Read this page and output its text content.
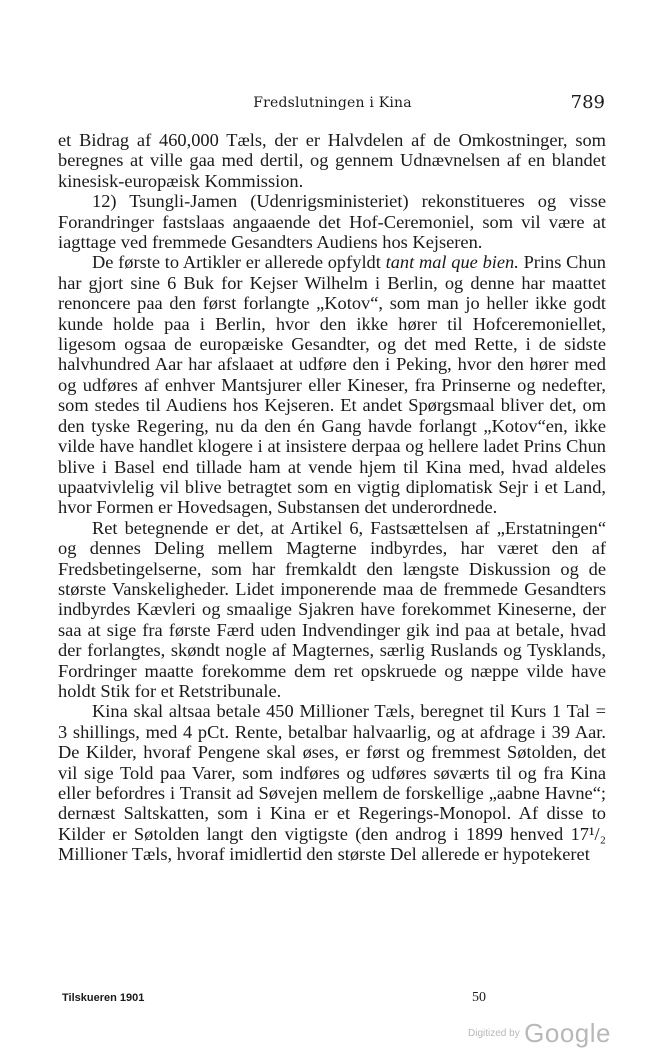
Fredslutningen i Kina	789

et Bidrag af 460,000 Tæls, der er Halvdelen af de Omkostninger, som beregnes at ville gaa med dertil, og gennem Udnævnelsen af en blandet kinesisk-europæisk Kommission.

12) Tsungli-Jamen (Udenrigsministeriet) rekonstitueres og visse Forandringer fastslaas angaaende det Hof-Ceremoniel, som vil være at iagttage ved fremmede Gesandters Audiens hos Kejseren.

De første to Artikler er allerede opfyldt tant mal que bien. Prins Chun har gjort sine 6 Buk for Kejser Wilhelm i Berlin, og denne har maattet renoncere paa den først forlangte „Kotov“, som man jo heller ikke godt kunde holde paa i Berlin, hvor den ikke hører til Hofceremoniellet, ligesom ogsaa de europæiske Gesandter, og det med Rette, i de sidste halvhundred Aar har afslaaet at udføre den i Peking, hvor den hører med og udføres af enhver Mantsjurer eller Kineser, fra Prinserne og nedefter, som stedes til Audiens hos Kejseren. Et andet Spørgsmaal bliver det, om den tyske Regering, nu da den én Gang havde forlangt „Kotov“en, ikke vilde have handlet klogere i at insistere derpaa og hellere ladet Prins Chun blive i Basel end tillade ham at vende hjem til Kina med, hvad aldeles upaatvivlelig vil blive betragtet som en vigtig diplomatisk Sejr i et Land, hvor Formen er Hovedsagen, Substansen det underordnede.

Ret betegnende er det, at Artikel 6, Fastsættelsen af „Erstatningen“ og dennes Deling mellem Magterne indbyrdes, har været den af Fredsbetingelserne, som har fremkaldt den længste Diskussion og de største Vanskeligheder. Lidet imponerende maa de fremmede Gesandters indbyrdes Kævleri og smaalige Sjakren have forekommet Kineserne, der saa at sige fra første Færd uden Indvendinger gik ind paa at betale, hvad der forlangtes, skøndt nogle af Magternes, særlig Ruslands og Tysklands, Fordringer maatte forekomme dem ret opskruede og næppe vilde have holdt Stik for et Retstribunale.

Kina skal altsaa betale 450 Millioner Tæls, beregnet til Kurs 1 Tal = 3 shillings, med 4 pCt. Rente, betalbar halvaarlig, og at afdrage i 39 Aar. De Kilder, hvoraf Pengene skal øses, er først og fremmest Søtolden, det vil sige Told paa Varer, som indføres og udføres søværts til og fra Kina eller befordres i Transit ad Søvejen mellem de forskellige „aabne Havne“; dernæst Saltskatten, som i Kina er et Regerings-Monopol. Af disse to Kilder er Søtolden langt den vigtigste (den androg i 1899 henved 17¹/₂ Millioner Tæls, hvoraf imidlertid den største Del allerede er hypotekeret

Tilskueren 1901	50
Digitized by Google
